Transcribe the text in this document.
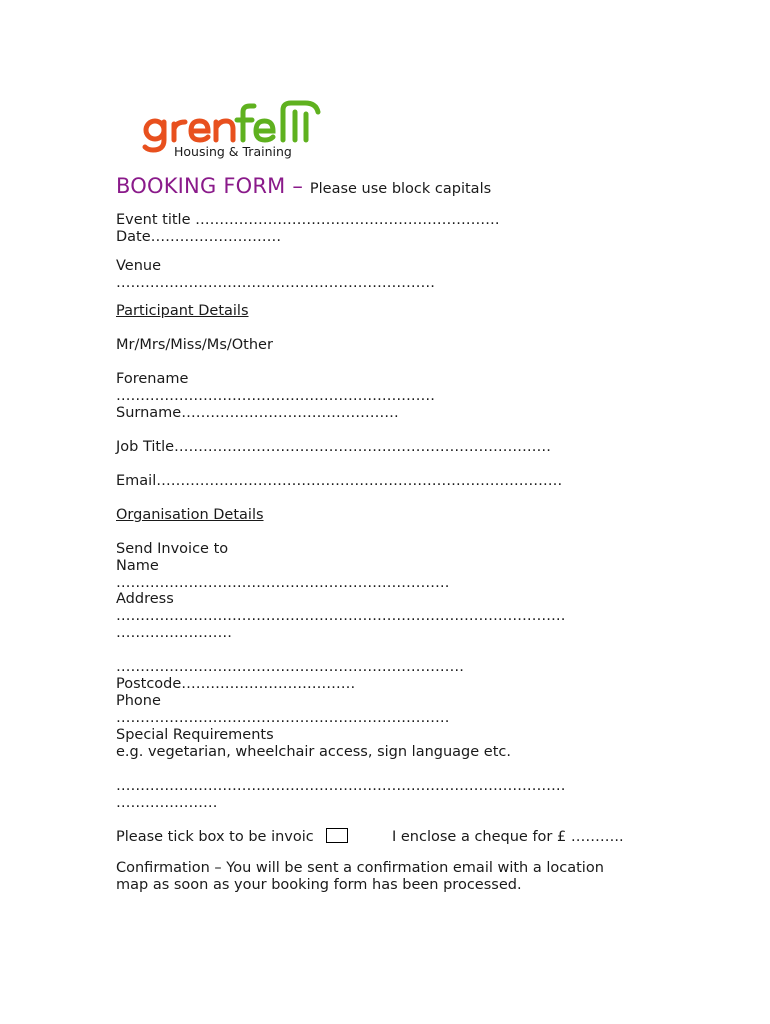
Housing & Training
BOOKING FORM – Please use block capitals
Event title ………………………………………………………
Date………………………
Venue
…………………………………………………………
Participant Details
Mr/Mrs/Miss/Ms/Other
Forename
…………………………………………………………
Surname………………………………………
Job Title……………………………………………………………………
Email…………………………………………………………………………
Organisation Details
Send Invoice to
Name
……………………………………………………………
Address
…………………………………………………………………………………
……………………
………………………………………………………………
Postcode………………………………
Phone
……………………………………………………………
Special Requirements
e.g. vegetarian, wheelchair access, sign language etc.
…………………………………………………………………………………
…………………
Please tick box to be invoic	I enclose a cheque for £ ………..
Confirmation – You will be sent a confirmation email with a location
map as soon as your booking form has been processed.
